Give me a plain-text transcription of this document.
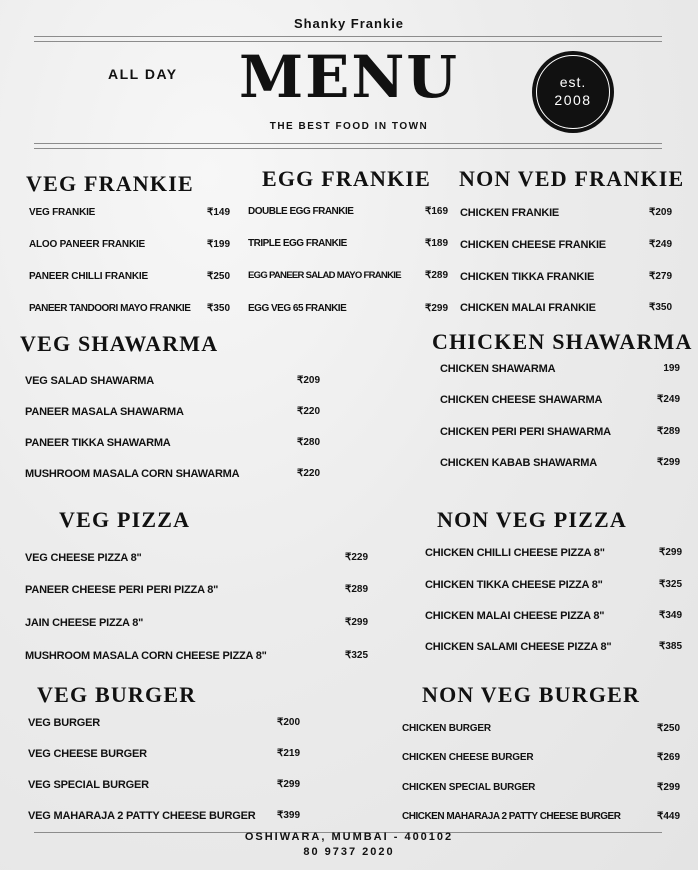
Shanky Frankie
ALL DAY MENU
THE BEST FOOD IN TOWN
est.
2008
VEG FRANKIE
VEG FRANKIE	₹149
ALOO PANEER FRANKIE	₹199
PANEER CHILLI FRANKIE	₹250
PANEER TANDOORI MAYO FRANKIE	₹350
EGG FRANKIE
DOUBLE EGG FRANKIE	₹169
TRIPLE EGG FRANKIE	₹189
EGG PANEER SALAD MAYO FRANKIE	₹289
EGG VEG 65 FRANKIE	₹299
NON VED FRANKIE
CHICKEN FRANKIE	₹209
CHICKEN CHEESE FRANKIE	₹249
CHICKEN TIKKA FRANKIE	₹279
CHICKEN MALAI FRANKIE	₹350
VEG SHAWARMA
VEG SALAD SHAWARMA	₹209
PANEER MASALA SHAWARMA	₹220
PANEER TIKKA SHAWARMA	₹280
MUSHROOM MASALA CORN SHAWARMA	₹220
CHICKEN SHAWARMA
CHICKEN SHAWARMA	199
CHICKEN CHEESE SHAWARMA	₹249
CHICKEN PERI PERI SHAWARMA	₹289
CHICKEN KABAB SHAWARMA	₹299
VEG PIZZA
VEG CHEESE PIZZA 8"	₹229
PANEER CHEESE PERI PERI PIZZA 8"	₹289
JAIN CHEESE PIZZA 8"	₹299
MUSHROOM MASALA CORN CHEESE PIZZA 8"	₹325
NON VEG PIZZA
CHICKEN CHILLI CHEESE PIZZA 8"	₹299
CHICKEN TIKKA CHEESE PIZZA 8"	₹325
CHICKEN MALAI CHEESE PIZZA 8"	₹349
CHICKEN SALAMI CHEESE PIZZA 8"	₹385
VEG BURGER
VEG BURGER	₹200
VEG CHEESE BURGER	₹219
VEG SPECIAL BURGER	₹299
VEG MAHARAJA 2 PATTY CHEESE BURGER	₹399
NON VEG BURGER
CHICKEN BURGER	₹250
CHICKEN CHEESE BURGER	₹269
CHICKEN SPECIAL BURGER	₹299
CHICKEN MAHARAJA 2 PATTY CHEESE BURGER	₹449
OSHIWARA, MUMBAI - 400102
80 9737 2020
